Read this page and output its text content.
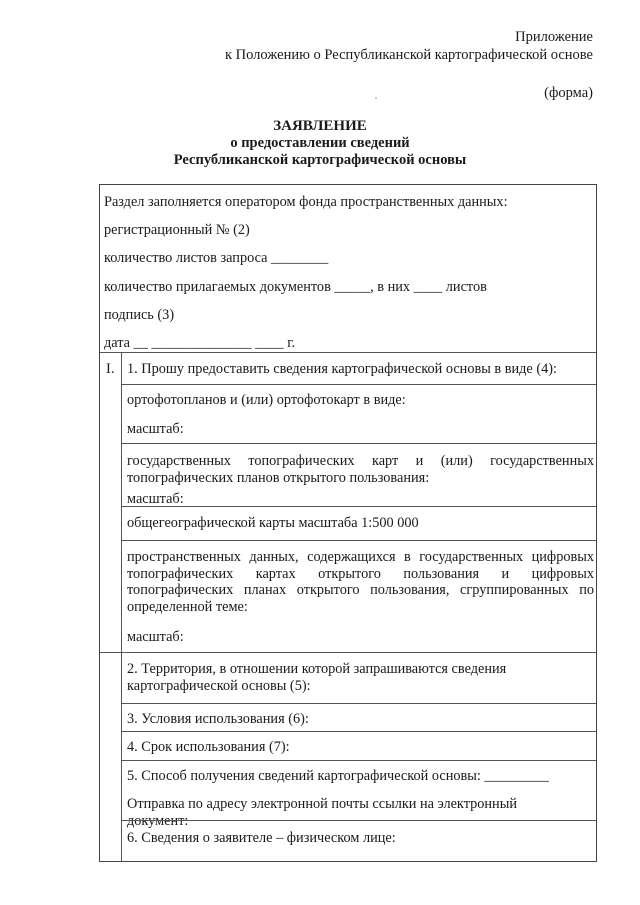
Приложение
к Положению о Республиканской картографической основе
(форма)
ЗАЯВЛЕНИЕ
о предоставлении сведений
Республиканской картографической основы
Раздел заполняется оператором фонда пространственных данных:
регистрационный № (2)
количество листов запроса ________
количество прилагаемых документов _____, в них ____ листов
подпись (3)
дата __ ______________ ____ г.
I. 1. Прошу предоставить сведения картографической основы в виде (4):
ортофотопланов и (или) ортофотокарт в виде:
масштаб:
государственных топографических карт и (или) государственных топографических планов открытого пользования:
масштаб:
общегеографической карты масштаба 1:500 000
пространственных данных, содержащихся в государственных цифровых топографических картах открытого пользования и цифровых топографических планах открытого пользования, сгруппированных по определенной теме:
масштаб:
2. Территория, в отношении которой запрашиваются сведения картографической основы (5):
3. Условия использования (6):
4. Срок использования (7):
5. Способ получения сведений картографической основы: _________
Отправка по адресу электронной почты ссылки на электронный документ:
6. Сведения о заявителе – физическом лице:
